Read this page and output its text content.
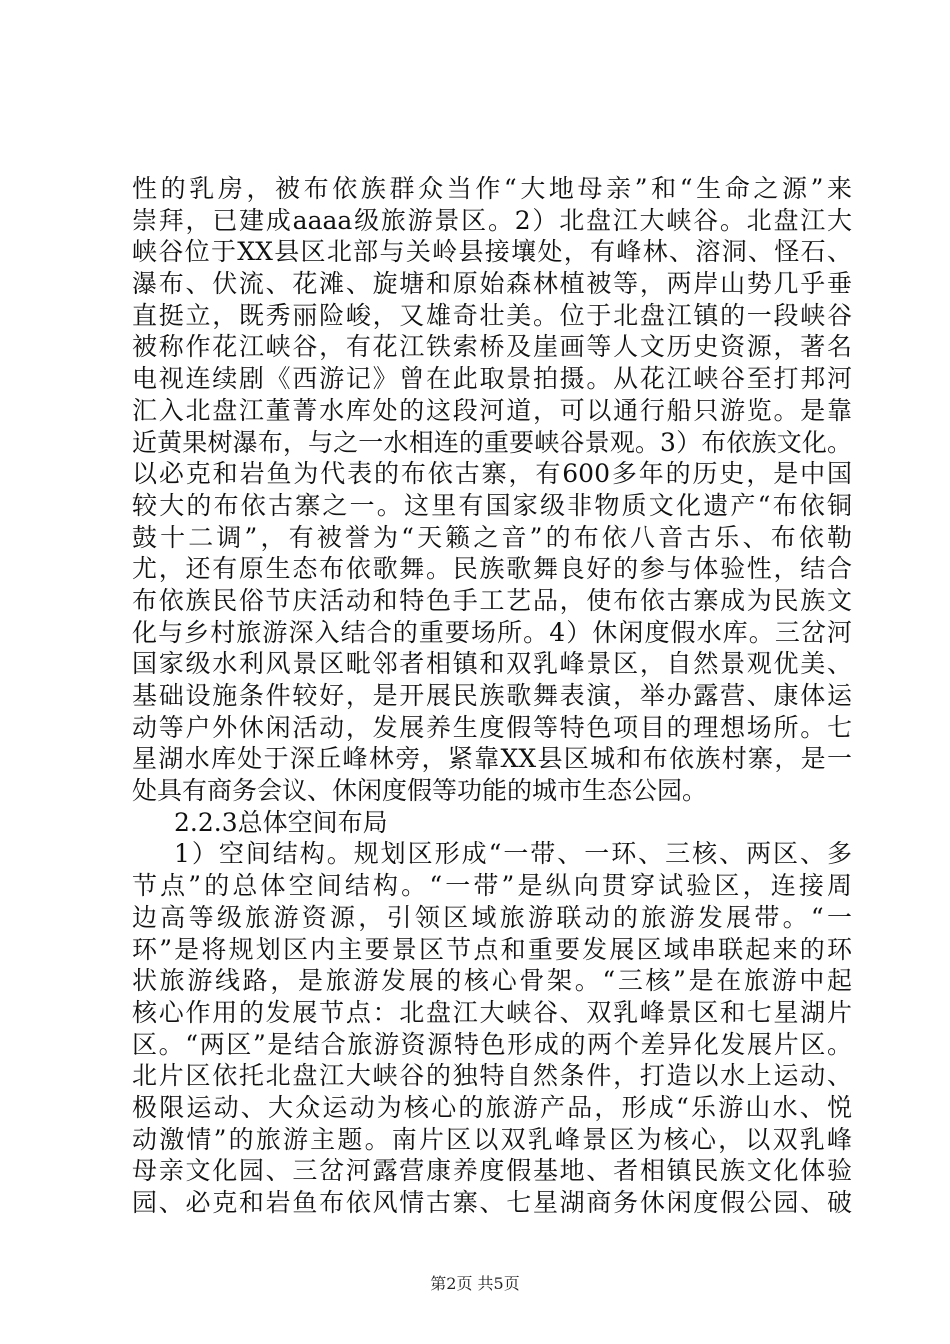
性的乳房，被布依族群众当作“大地母亲”和“生命之源”来
崇拜，已建成aaaa级旅游景区。2）北盘江大峡谷。北盘江大
峡谷位于XX县区北部与关岭县接壤处，有峰林、溶洞、怪石、
瀑布、伏流、花滩、旋塘和原始森林植被等，两岸山势几乎垂
直挺立，既秀丽险峻，又雄奇壮美。位于北盘江镇的一段峡谷
被称作花江峡谷，有花江铁索桥及崖画等人文历史资源，著名
电视连续剧《西游记》曾在此取景拍摄。从花江峡谷至打邦河
汇入北盘江董菁水库处的这段河道，可以通行船只游览。是靠
近黄果树瀑布，与之一水相连的重要峡谷景观。3）布依族文化。
以必克和岩鱼为代表的布依古寨，有600多年的历史，是中国
较大的布依古寨之一。这里有国家级非物质文化遗产“布依铜
鼓十二调”，有被誉为“天籁之音”的布依八音古乐、布依勒
尤，还有原生态布依歌舞。民族歌舞良好的参与体验性，结合
布依族民俗节庆活动和特色手工艺品，使布依古寨成为民族文
化与乡村旅游深入结合的重要场所。4）休闲度假水库。三岔河
国家级水利风景区毗邻者相镇和双乳峰景区，自然景观优美、
基础设施条件较好，是开展民族歌舞表演，举办露营、康体运
动等户外休闲活动，发展养生度假等特色项目的理想场所。七
星湖水库处于深丘峰林旁，紧靠XX县区城和布依族村寨，是一
处具有商务会议、休闲度假等功能的城市生态公园。
2.2.3总体空间布局
1）空间结构。规划区形成“一带、一环、三核、两区、多
节点”的总体空间结构。“一带”是纵向贯穿试验区，连接周
边高等级旅游资源，引领区域旅游联动的旅游发展带。“一
环”是将规划区内主要景区节点和重要发展区域串联起来的环
状旅游线路，是旅游发展的核心骨架。“三核”是在旅游中起
核心作用的发展节点：北盘江大峡谷、双乳峰景区和七星湖片
区。“两区”是结合旅游资源特色形成的两个差异化发展片区。
北片区依托北盘江大峡谷的独特自然条件，打造以水上运动、
极限运动、大众运动为核心的旅游产品，形成“乐游山水、悦
动激情”的旅游主题。南片区以双乳峰景区为核心，以双乳峰
母亲文化园、三岔河露营康养度假基地、者相镇民族文化体验
园、必克和岩鱼布依风情古寨、七星湖商务休闲度假公园、破
第2页 共5页
